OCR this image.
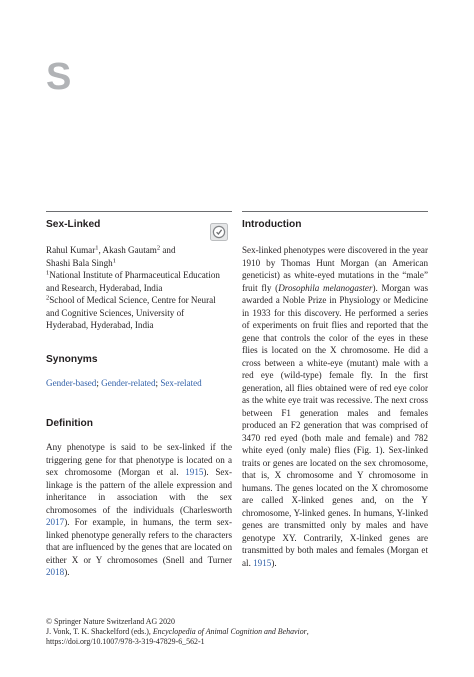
S
Sex-Linked
Rahul Kumar$^1$, Akash Gautam$^2$ and
Shashi Bala Singh$^1$
$^1$National Institute of Pharmaceutical Education and Research, Hyderabad, India
$^2$School of Medical Science, Centre for Neural and Cognitive Sciences, University of Hyderabad, Hyderabad, India
Synonyms
Gender-based; Gender-related; Sex-related
Definition
Any phenotype is said to be sex-linked if the triggering gene for that phenotype is located on a sex chromosome (Morgan et al. 1915). Sex-linkage is the pattern of the allele expression and inheritance in association with the sex chromosomes of the individuals (Charlesworth 2017). For example, in humans, the term sex-linked phenotype generally refers to the characters that are influenced by the genes that are located on either X or Y chromosomes (Snell and Turner 2018).
Introduction
Sex-linked phenotypes were discovered in the year 1910 by Thomas Hunt Morgan (an American geneticist) as white-eyed mutations in the “male” fruit fly (Drosophila melanogaster). Morgan was awarded a Noble Prize in Physiology or Medicine in 1933 for this discovery. He performed a series of experiments on fruit flies and reported that the gene that controls the color of the eyes in these flies is located on the X chromosome. He did a cross between a white-eye (mutant) male with a red eye (wild-type) female fly. In the first generation, all flies obtained were of red eye color as the white eye trait was recessive. The next cross between F1 generation males and females produced an F2 generation that was comprised of 3470 red eyed (both male and female) and 782 white eyed (only male) flies (Fig. 1). Sex-linked traits or genes are located on the sex chromosome, that is, X chromosome and Y chromosome in humans. The genes located on the X chromosome are called X-linked genes and, on the Y chromosome, Y-linked genes. In humans, Y-linked genes are transmitted only by males and have genotype XY. Contrarily, X-linked genes are transmitted by both males and females (Morgan et al. 1915).
© Springer Nature Switzerland AG 2020
J. Vonk, T. K. Shackelford (eds.), Encyclopedia of Animal Cognition and Behavior,
https://doi.org/10.1007/978-3-319-47829-6_562-1
